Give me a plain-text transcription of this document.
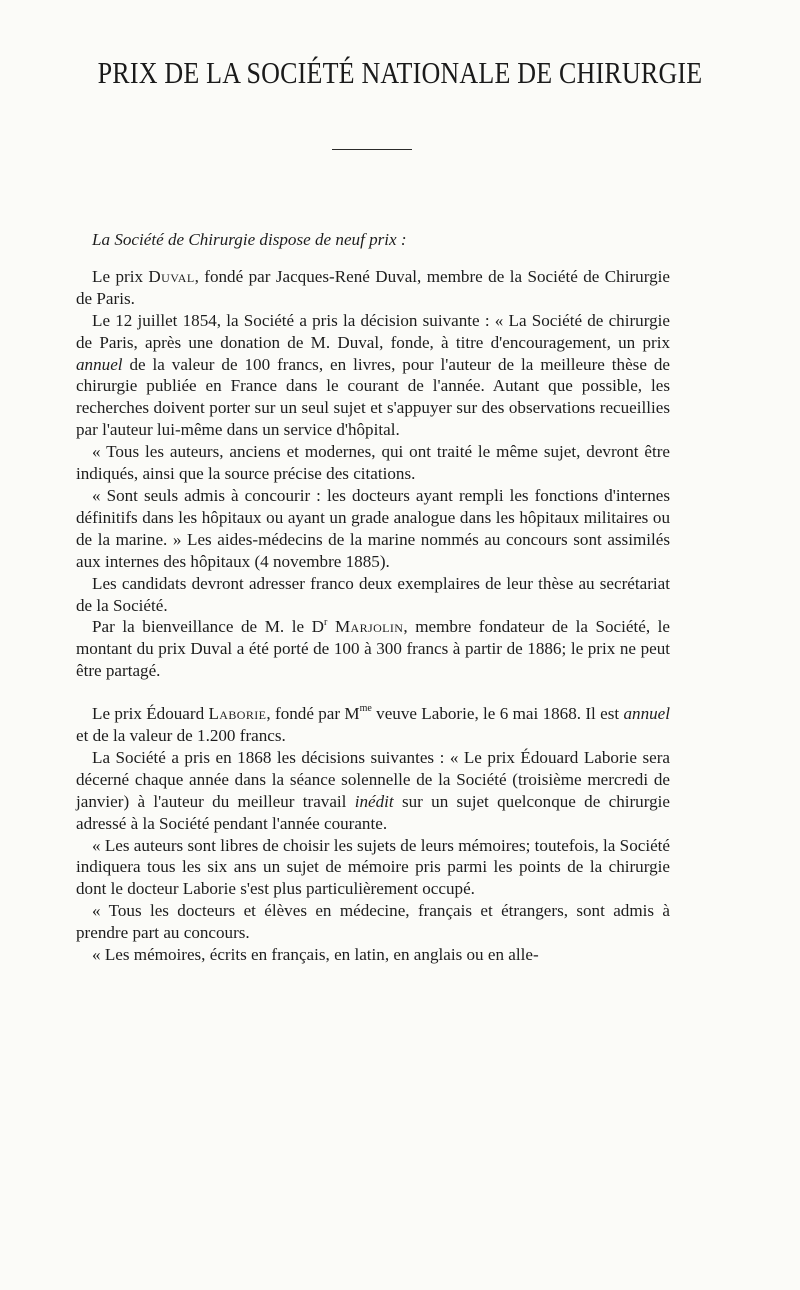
PRIX DE LA SOCIÉTÉ NATIONALE DE CHIRURGIE

La Société de Chirurgie dispose de neuf prix :

Le prix Duval, fondé par Jacques-René Duval, membre de la Société de Chirurgie de Paris.

Le 12 juillet 1854, la Société a pris la décision suivante : « La Société de chirurgie de Paris, après une donation de M. Duval, fonde, à titre d'encouragement, un prix annuel de la valeur de 100 francs, en livres, pour l'auteur de la meilleure thèse de chirurgie publiée en France dans le courant de l'année. Autant que possible, les recherches doivent porter sur un seul sujet et s'appuyer sur des observations recueillies par l'auteur lui-même dans un service d'hôpital.

« Tous les auteurs, anciens et modernes, qui ont traité le même sujet, devront être indiqués, ainsi que la source précise des citations.

« Sont seuls admis à concourir : les docteurs ayant rempli les fonctions d'internes définitifs dans les hôpitaux ou ayant un grade analogue dans les hôpitaux militaires ou de la marine. » Les aides-médecins de la marine nommés au concours sont assimilés aux internes des hôpitaux (4 novembre 1885).

Les candidats devront adresser franco deux exemplaires de leur thèse au secrétariat de la Société.

Par la bienveillance de M. le $D^r$ Marjolin, membre fondateur de la Société, le montant du prix Duval a été porté de 100 à 300 francs à partir de 1886; le prix ne peut être partagé.

Le prix Édouard Laborie, fondé par $M^{me}$ veuve Laborie, le 6 mai 1868. Il est annuel et de la valeur de 1.200 francs.

La Société a pris en 1868 les décisions suivantes : « Le prix Édouard Laborie sera décerné chaque année dans la séance solennelle de la Société (troisième mercredi de janvier) à l'auteur du meilleur travail inédit sur un sujet quelconque de chirurgie adressé à la Société pendant l'année courante.

« Les auteurs sont libres de choisir les sujets de leurs mémoires; toutefois, la Société indiquera tous les six ans un sujet de mémoire pris parmi les points de la chirurgie dont le docteur Laborie s'est plus particulièrement occupé.

« Tous les docteurs et élèves en médecine, français et étrangers, sont admis à prendre part au concours.

« Les mémoires, écrits en français, en latin, en anglais ou en alle-
